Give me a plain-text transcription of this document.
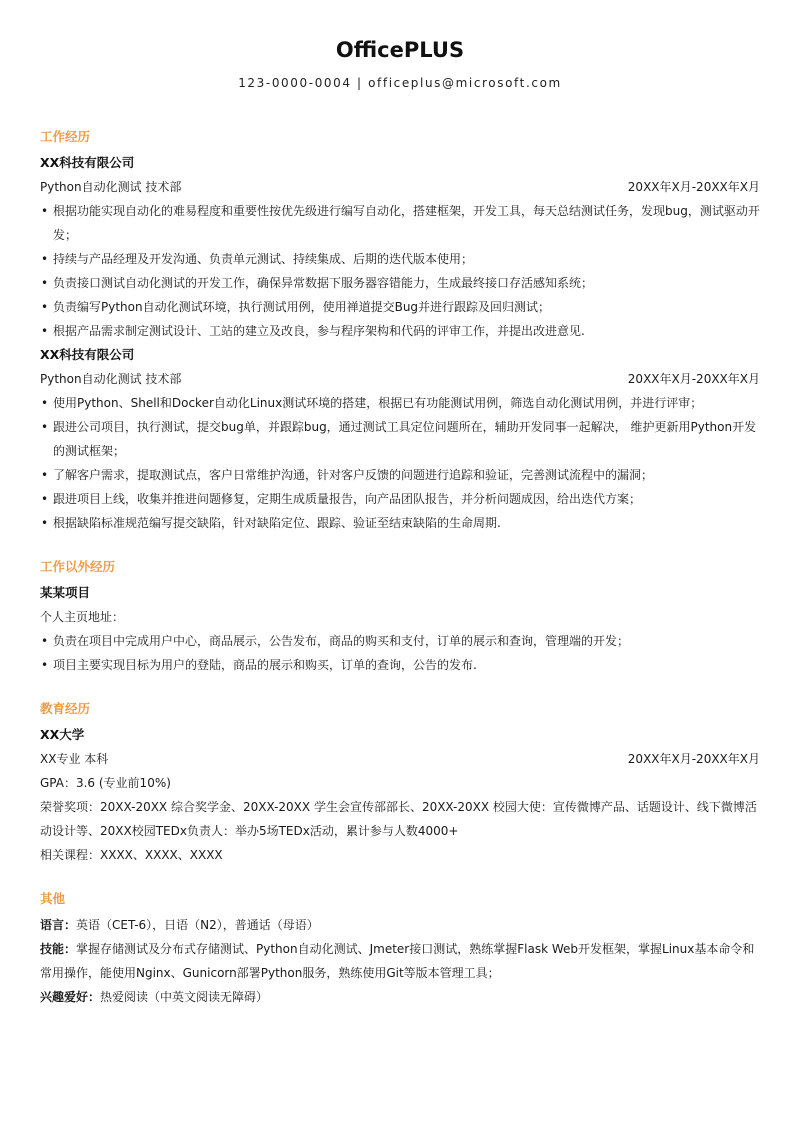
OfficePLUS
123-0000-0004 | officeplus@microsoft.com
工作经历
XX科技有限公司
Python自动化测试 技术部	20XX年X月-20XX年X月
• 根据功能实现自动化的难易程度和重要性按优先级进行编写自动化，搭建框架，开发工具，每天总结测试任务，发现bug，测试驱动开发；
• 持续与产品经理及开发沟通、负责单元测试、持续集成、后期的迭代版本使用；
• 负责接口测试自动化测试的开发工作，确保异常数据下服务器容错能力，生成最终接口存活感知系统；
• 负责编写Python自动化测试环境，执行测试用例，使用禅道提交Bug并进行跟踪及回归测试；
• 根据产品需求制定测试设计、工站的建立及改良，参与程序架构和代码的评审工作，并提出改进意见.
XX科技有限公司
Python自动化测试 技术部	20XX年X月-20XX年X月
• 使用Python、Shell和Docker自动化Linux测试环境的搭建，根据已有功能测试用例，筛选自动化测试用例，并进行评审；
• 跟进公司项目，执行测试，提交bug单，并跟踪bug，通过测试工具定位问题所在，辅助开发同事一起解决， 维护更新用Python开发的测试框架；
• 了解客户需求，提取测试点，客户日常维护沟通，针对客户反馈的问题进行追踪和验证，完善测试流程中的漏洞；
• 跟进项目上线，收集并推进问题修复，定期生成质量报告，向产品团队报告，并分析问题成因，给出迭代方案；
• 根据缺陷标准规范编写提交缺陷，针对缺陷定位、跟踪、验证至结束缺陷的生命周期.
工作以外经历
某某项目
个人主页地址：
• 负责在项目中完成用户中心，商品展示，公告发布，商品的购买和支付，订单的展示和查询，管理端的开发；
• 项目主要实现目标为用户的登陆，商品的展示和购买，订单的查询，公告的发布.
教育经历
XX大学
XX专业 本科	20XX年X月-20XX年X月
GPA：3.6 (专业前10%)
荣誉奖项：20XX-20XX 综合奖学金、20XX-20XX 学生会宣传部部长、20XX-20XX 校园大使：宣传微博产品、话题设计、线下微博活动设计等、20XX校园TEDx负责人：举办5场TEDx活动，累计参与人数4000+
相关课程：XXXX、XXXX、XXXX
其他
语言：英语（CET-6），日语（N2），普通话（母语）
技能：掌握存储测试及分布式存储测试、Python自动化测试、Jmeter接口测试，熟练掌握Flask Web开发框架，掌握Linux基本命令和常用操作，能使用Nginx、Gunicorn部署Python服务，熟练使用Git等版本管理工具；
兴趣爱好：热爱阅读（中英文阅读无障碍）
